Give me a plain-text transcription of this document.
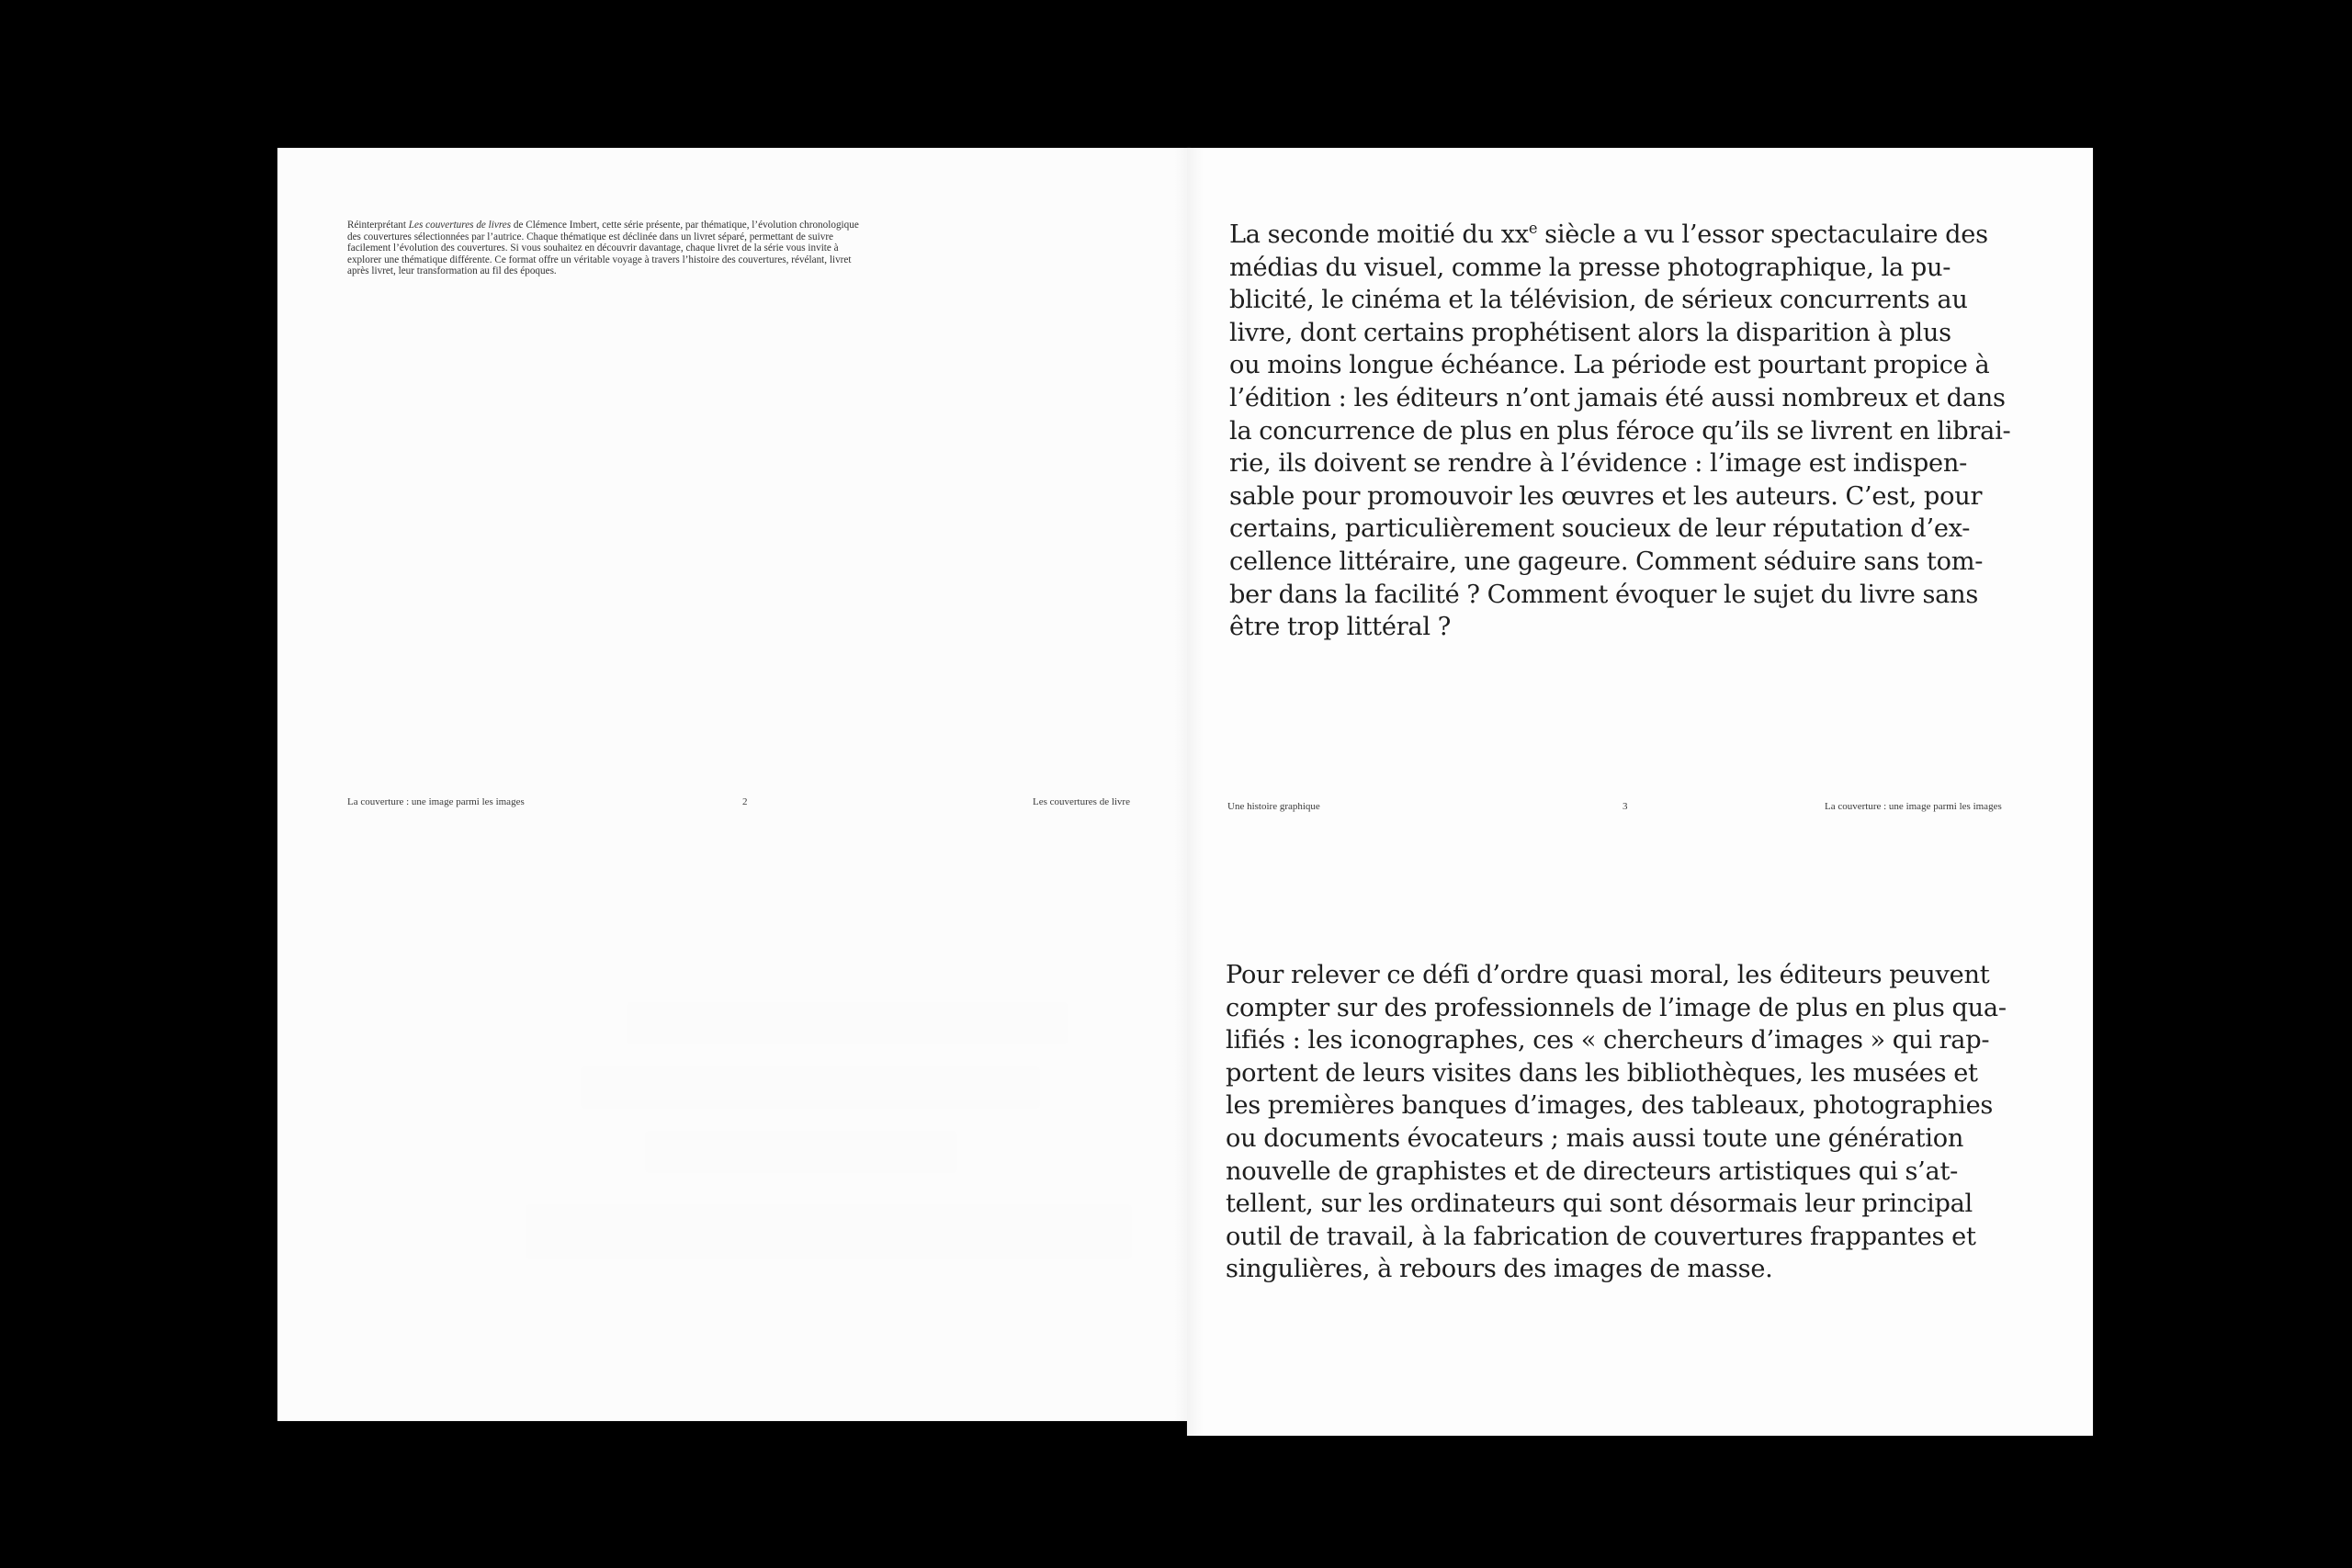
Réinterprétant Les couvertures de livres de Clémence Imbert, cette série présente, par thématique, l’évolution chronologique des couvertures sélectionnées par l’autrice. Chaque thématique est déclinée dans un livret séparé, permettant de suivre facilement l’évolution des couvertures. Si vous souhaitez en découvrir davantage, chaque livret de la série vous invite à explorer une thématique différente. Ce format offre un véritable voyage à travers l’histoire des couvertures, révélant, livret après livret, leur transformation au fil des époques.
La couverture : une image parmi les images	2	Les couvertures de livre
La seconde moitié du $xx^e$ siècle a vu l’essor spectaculaire des
médias du visuel, comme la presse photographique, la pu-
blicité, le cinéma et la télévision, de sérieux concurrents au
livre, dont certains prophétisent alors la disparition à plus
ou moins longue échéance. La période est pourtant propice à
l’édition : les éditeurs n’ont jamais été aussi nombreux et dans
la concurrence de plus en plus féroce qu’ils se livrent en librai-
rie, ils doivent se rendre à l’évidence : l’image est indispen-
sable pour promouvoir les œuvres et les auteurs. C’est, pour
certains, particulièrement soucieux de leur réputation d’ex-
cellence littéraire, une gageure. Comment séduire sans tom-
ber dans la facilité ? Comment évoquer le sujet du livre sans
être trop littéral ?
Une histoire graphique	3	La couverture : une image parmi les images
Pour relever ce défi d’ordre quasi moral, les éditeurs peuvent
compter sur des professionnels de l’image de plus en plus qua-
lifiés : les iconographes, ces « chercheurs d’images » qui rap-
portent de leurs visites dans les bibliothèques, les musées et
les premières banques d’images, des tableaux, photographies
ou documents évocateurs ; mais aussi toute une génération
nouvelle de graphistes et de directeurs artistiques qui s’at-
tellent, sur les ordinateurs qui sont désormais leur principal
outil de travail, à la fabrication de couvertures frappantes et
singulières, à rebours des images de masse.
